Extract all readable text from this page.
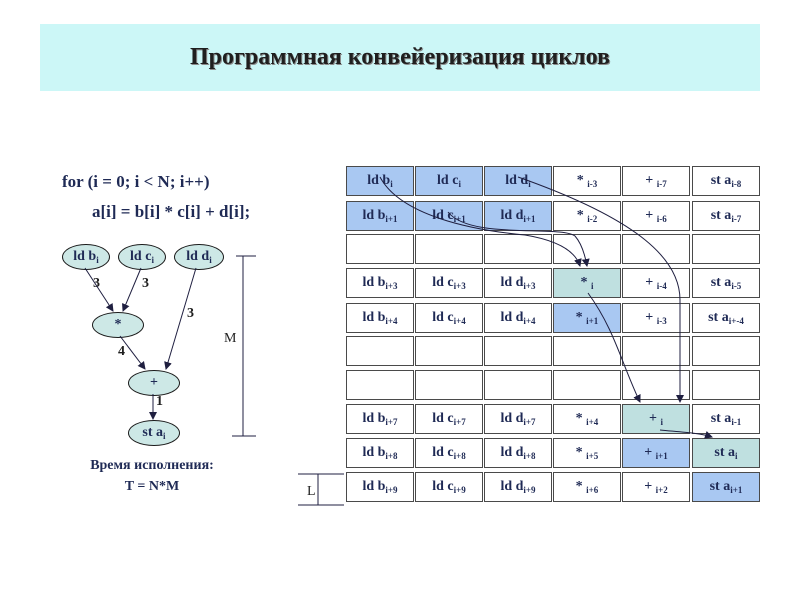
Программная конвейеризация циклов
for (i = 0; i < N; i++)
a[i] = b[i] * c[i] + d[i];
ld $b_i$	ld $c_i$	ld $d_i$
*
+
st $a_i$
3	3
3
4
1
M
L
Время исполнения:
T = N*M
ld $b_i$	ld $c_i$	ld $d_i$	* $_{i-3}$	+ $_{i-7}$	st $a_{i-8}$
ld $b_{i+1}$	ld $c_{i+1}$	ld $d_{i+1}$	* $_{i-2}$	+ $_{i-6}$	st $a_{i-7}$
ld $b_{i+3}$	ld $c_{i+3}$	ld $d_{i+3}$	* $_i$	+ $_{i-4}$	st $a_{i-5}$
ld $b_{i+4}$	ld $c_{i+4}$	ld $d_{i+4}$	* $_{i+1}$	+ $_{i-3}$	st $a_{i+-4}$
ld $b_{i+7}$	ld $c_{i+7}$	ld $d_{i+7}$	* $_{i+4}$	+ $_i$	st $a_{i-1}$
ld $b_{i+8}$	ld $c_{i+8}$	ld $d_{i+8}$	* $_{i+5}$	+ $_{i+1}$	st $a_i$
ld $b_{i+9}$	ld $c_{i+9}$	ld $d_{i+9}$	* $_{i+6}$	+ $_{i+2}$	st $a_{i+1}$
